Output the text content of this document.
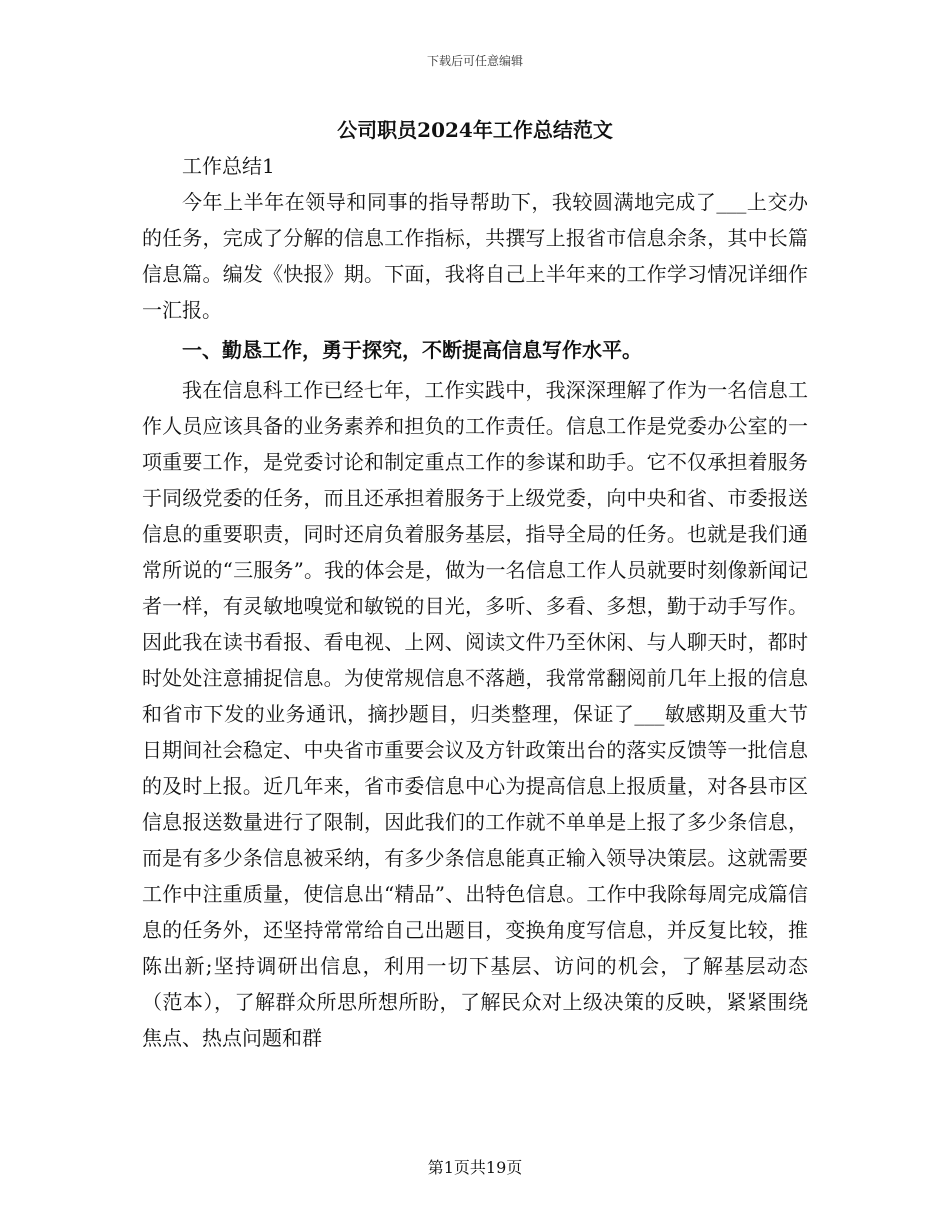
下载后可任意编辑
公司职员2024年工作总结范文

工作总结1

今年上半年在领导和同事的指导帮助下，我较圆满地完成了___上交办的任务，完成了分解的信息工作指标，共撰写上报省市信息余条，其中长篇信息篇。编发《快报》期。下面，我将自己上半年来的工作学习情况详细作一汇报。

一、勤恳工作，勇于探究，不断提高信息写作水平。

我在信息科工作已经七年，工作实践中，我深深理解了作为一名信息工作人员应该具备的业务素养和担负的工作责任。信息工作是党委办公室的一项重要工作，是党委讨论和制定重点工作的参谋和助手。它不仅承担着服务于同级党委的任务，而且还承担着服务于上级党委，向中央和省、市委报送信息的重要职责，同时还肩负着服务基层，指导全局的任务。也就是我们通常所说的“三服务”。我的体会是，做为一名信息工作人员就要时刻像新闻记者一样，有灵敏地嗅觉和敏锐的目光，多听、多看、多想，勤于动手写作。因此我在读书看报、看电视、上网、阅读文件乃至休闲、与人聊天时，都时时处处注意捕捉信息。为使常规信息不落趟，我常常翻阅前几年上报的信息和省市下发的业务通讯，摘抄题目，归类整理，保证了___敏感期及重大节日期间社会稳定、中央省市重要会议及方针政策出台的落实反馈等一批信息的及时上报。近几年来，省市委信息中心为提高信息上报质量，对各县市区信息报送数量进行了限制，因此我们的工作就不单单是上报了多少条信息，而是有多少条信息被采纳，有多少条信息能真正输入领导决策层。这就需要工作中注重质量，使信息出“精品”、出特色信息。工作中我除每周完成篇信息的任务外，还坚持常常给自己出题目，变换角度写信息，并反复比较，推陈出新;坚持调研出信息，利用一切下基层、访问的机会，了解基层动态（范本），了解群众所思所想所盼，了解民众对上级决策的反映，紧紧围绕焦点、热点问题和群

第1页共19页
